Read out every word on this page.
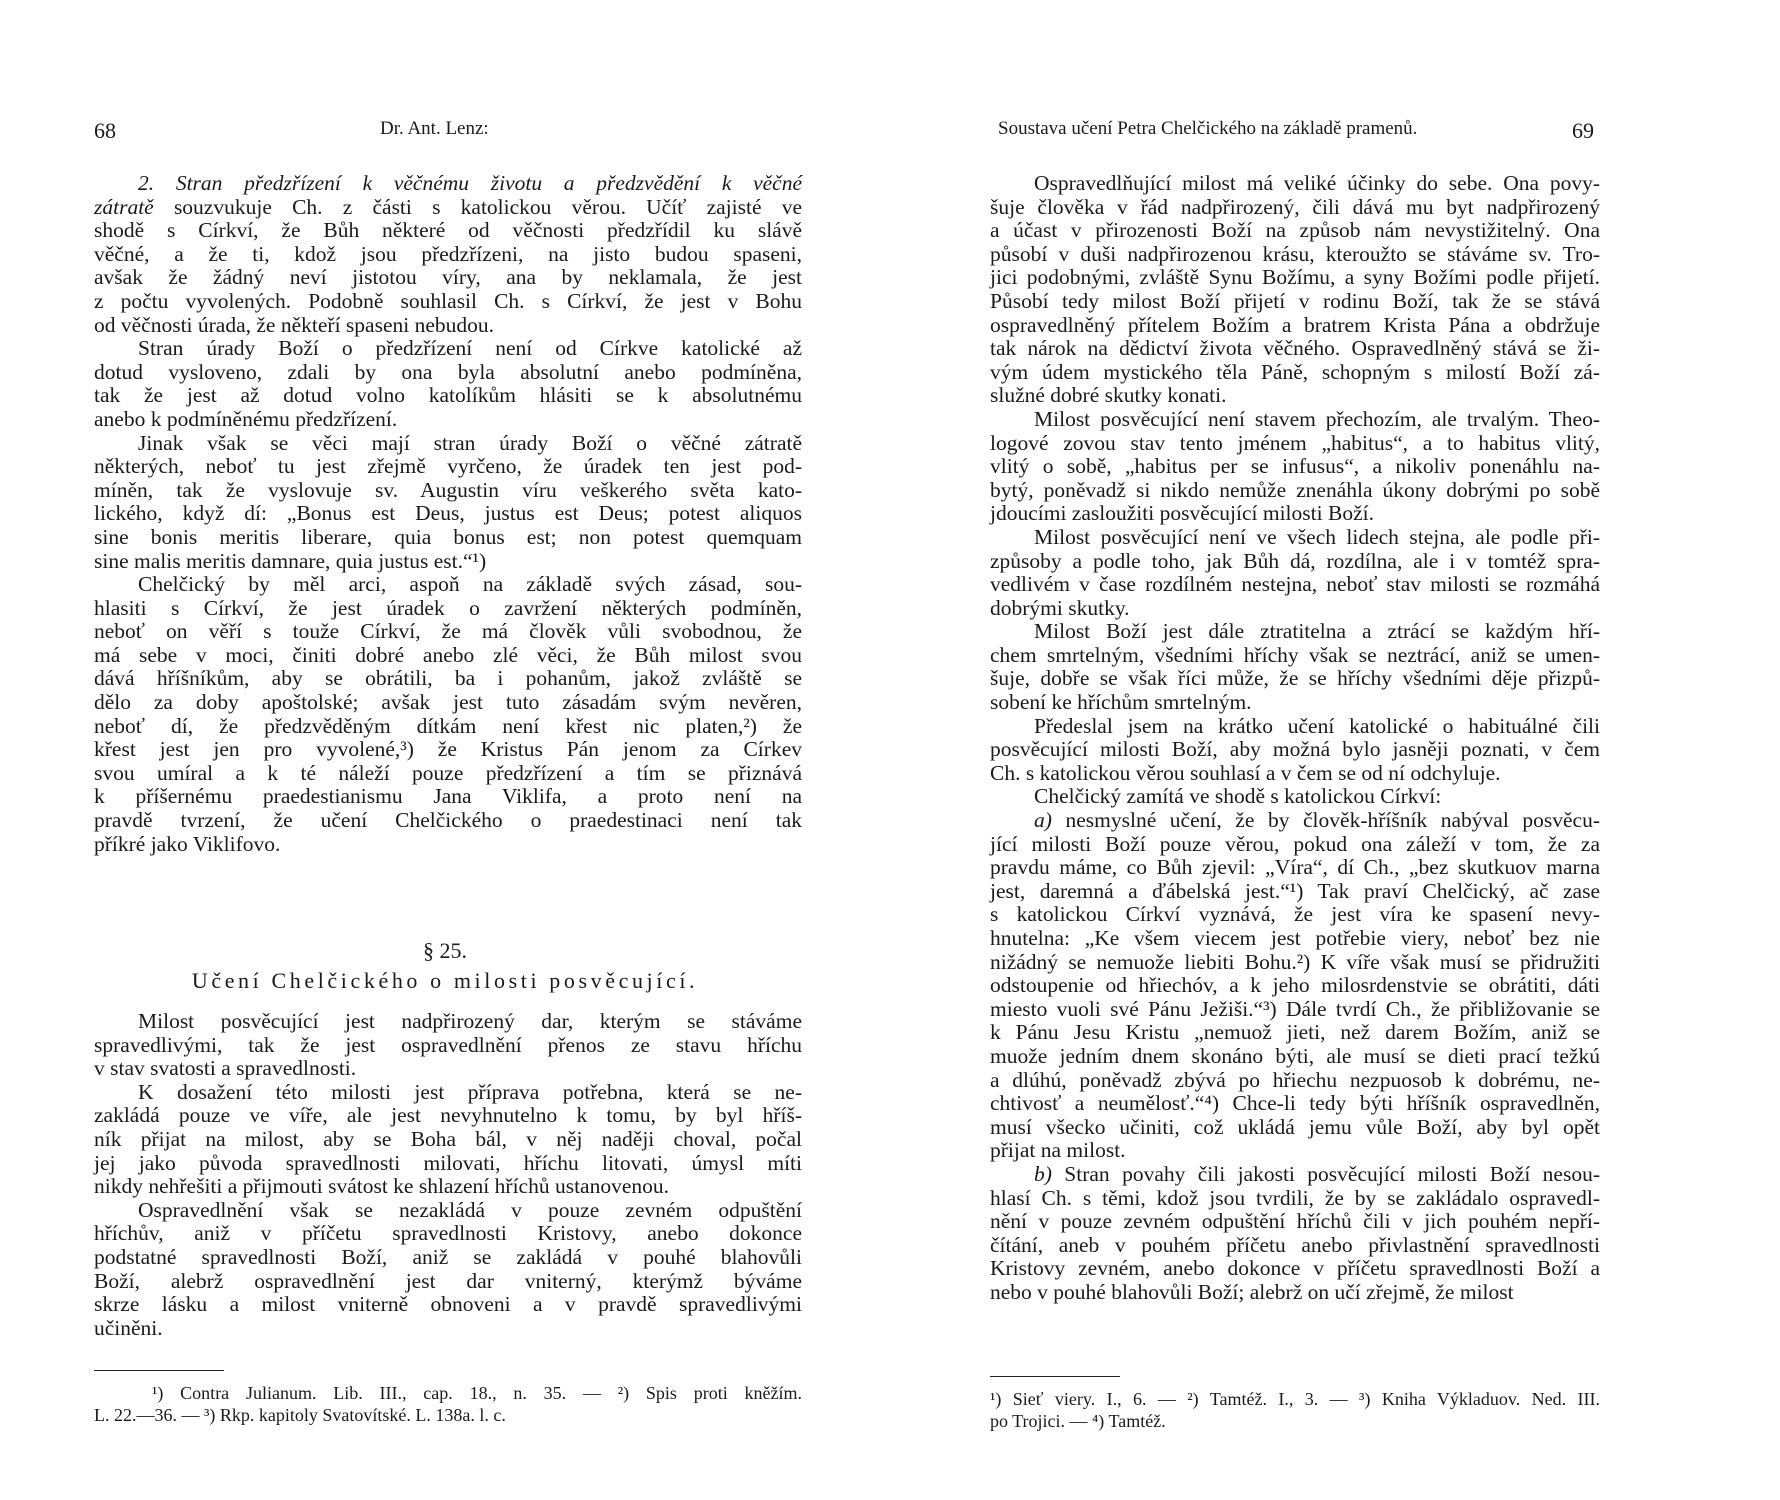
68	Dr. Ant. Lenz:
2. Stran předzřízení k věčnému životu a předzvědění k věčné
zátratě souzvukuje Ch. z části s katolickou věrou. Učíť zajisté ve
shodě s Církví, že Bůh některé od věčnosti předzřídil ku slávě
věčné, a že ti, kdož jsou předzřízeni, na jisto budou spaseni,
avšak že žádný neví jistotou víry, ana by neklamala, že jest
z počtu vyvolených. Podobně souhlasil Ch. s Církví, že jest v Bohu
od věčnosti úrada, že někteří spaseni nebudou.
Stran úrady Boží o předzřízení není od Církve katolické až
dotud vysloveno, zdali by ona byla absolutní anebo podmíněna,
tak že jest až dotud volno katolíkům hlásiti se k absolutnému
anebo k podmíněnému předzřízení.
Jinak však se věci mají stran úrady Boží o věčné zátratě
některých, neboť tu jest zřejmě vyrčeno, že úradek ten jest pod-
míněn, tak že vyslovuje sv. Augustin víru veškerého světa kato-
lického, když dí: „Bonus est Deus, justus est Deus; potest aliquos
sine bonis meritis liberare, quia bonus est; non potest quemquam
sine malis meritis damnare, quia justus est.“¹)
Chelčický by měl arci, aspoň na základě svých zásad, sou-
hlasiti s Církví, že jest úradek o zavržení některých podmíněn,
neboť on věří s touže Církví, že má člověk vůli svobodnou, že
má sebe v moci, činiti dobré anebo zlé věci, že Bůh milost svou
dává hříšníkům, aby se obrátili, ba i pohanům, jakož zvláště se
dělo za doby apoštolské; avšak jest tuto zásadám svým nevěren,
neboť dí, že předzvěděným dítkám není křest nic platen,²) že
křest jest jen pro vyvolené,³) že Kristus Pán jenom za Církev
svou umíral a k té náleží pouze předzřízení a tím se přiznává
k příšernému praedestianismu Jana Viklifa, a proto není na
pravdě tvrzení, že učení Chelčického o praedestinaci není tak
příkré jako Viklifovo.
§ 25.
Učení Chelčického o milosti posvěcující.
Milost posvěcující jest nadpřirozený dar, kterým se stáváme
spravedlivými, tak že jest ospravedlnění přenos ze stavu hříchu
v stav svatosti a spravedlnosti.
K dosažení této milosti jest příprava potřebna, která se ne-
zakládá pouze ve víře, ale jest nevyhnutelno k tomu, by byl hříš-
ník přijat na milost, aby se Boha bál, v něj naději choval, počal
jej jako původa spravedlnosti milovati, hříchu litovati, úmysl míti
nikdy nehřešiti a přijmouti svátost ke shlazení hříchů ustanovenou.
Ospravedlnění však se nezakládá v pouze zevném odpuštění
hříchův, aniž v příčetu spravedlnosti Kristovy, anebo dokonce
podstatné spravedlnosti Boží, aniž se zakládá v pouhé blahovůli
Boží, alebrž ospravedlnění jest dar vniterný, kterýmž býváme
skrze lásku a milost vniterně obnoveni a v pravdě spravedlivými
učiněni.
¹) Contra Julianum. Lib. III., cap. 18., n. 35. — ²) Spis proti kněžím.
L. 22.—36. — ³) Rkp. kapitoly Svatovítské. L. 138a. l. c.
Soustava učení Petra Chelčického na základě pramenů.	69
Ospravedlňující milost má veliké účinky do sebe. Ona povy-
šuje člověka v řád nadpřirozený, čili dává mu byt nadpřirozený
a účast v přirozenosti Boží na způsob nám nevystižitelný. Ona
působí v duši nadpřirozenou krásu, kteroužto se stáváme sv. Tro-
jici podobnými, zvláště Synu Božímu, a syny Božími podle přijetí.
Působí tedy milost Boží přijetí v rodinu Boží, tak že se stává
ospravedlněný přítelem Božím a bratrem Krista Pána a obdržuje
tak nárok na dědictví života věčného. Ospravedlněný stává se ži-
vým údem mystického těla Páně, schopným s milostí Boží zá-
služné dobré skutky konati.
Milost posvěcující není stavem přechozím, ale trvalým. Theo-
logové zovou stav tento jménem „habitus“, a to habitus vlitý,
vlitý o sobě, „habitus per se infusus“, a nikoliv ponenáhlu na-
bytý, poněvadž si nikdo nemůže znenáhla úkony dobrými po sobě
jdoucími zasloužiti posvěcující milosti Boží.
Milost posvěcující není ve všech lidech stejna, ale podle při-
způsoby a podle toho, jak Bůh dá, rozdílna, ale i v tomtéž spra-
vedlivém v čase rozdílném nestejna, neboť stav milosti se rozmáhá
dobrými skutky.
Milost Boží jest dále ztratitelna a ztrácí se každým hří-
chem smrtelným, všedními hříchy však se neztrácí, aniž se umen-
šuje, dobře se však říci může, že se hříchy všedními děje přizpů-
sobení ke hříchům smrtelným.
Předeslal jsem na krátko učení katolické o habituálné čili
posvěcující milosti Boží, aby možná bylo jasněji poznati, v čem
Ch. s katolickou věrou souhlasí a v čem se od ní odchyluje.
Chelčický zamítá ve shodě s katolickou Církví:
a) nesmyslné učení, že by člověk-hříšník nabýval posvěcu-
jící milosti Boží pouze věrou, pokud ona záleží v tom, že za
pravdu máme, co Bůh zjevil: „Víra“, dí Ch., „bez skutkuov marna
jest, daremná a ďábelská jest.“¹) Tak praví Chelčický, ač zase
s katolickou Církví vyznává, že jest víra ke spasení nevy-
hnutelna: „Ke všem viecem jest potřebie viery, neboť bez nie
nižádný se nemuože liebiti Bohu.²) K víře však musí se přidružiti
odstoupenie od hřiechóv, a k jeho milosrdenstvie se obrátiti, dáti
miesto vuoli své Pánu Ježiši.“³) Dále tvrdí Ch., že přibližovanie se
k Pánu Jesu Kristu „nemuož jieti, než darem Božím, aniž se
muože jedním dnem skonáno býti, ale musí se dieti prací težkú
a dlúhú, poněvadž zbývá po hřiechu nezpuosob k dobrému, ne-
chtivosť a neumělosť.“⁴) Chce-li tedy býti hříšník ospravedlněn,
musí všecko učiniti, což ukládá jemu vůle Boží, aby byl opět
přijat na milost.
b) Stran povahy čili jakosti posvěcující milosti Boží nesou-
hlasí Ch. s těmi, kdož jsou tvrdili, že by se zakládalo ospravedl-
nění v pouze zevném odpuštění hříchů čili v jich pouhém nepří-
čítání, aneb v pouhém příčetu anebo přivlastnění spravedlnosti
Kristovy zevném, anebo dokonce v příčetu spravedlnosti Boží a
nebo v pouhé blahovůli Boží; alebrž on učí zřejmě, že milost
¹) Sieť viery. I., 6. — ²) Tamtéž. I., 3. — ³) Kniha Výkladuov. Ned. III.
po Trojici. — ⁴) Tamtéž.
